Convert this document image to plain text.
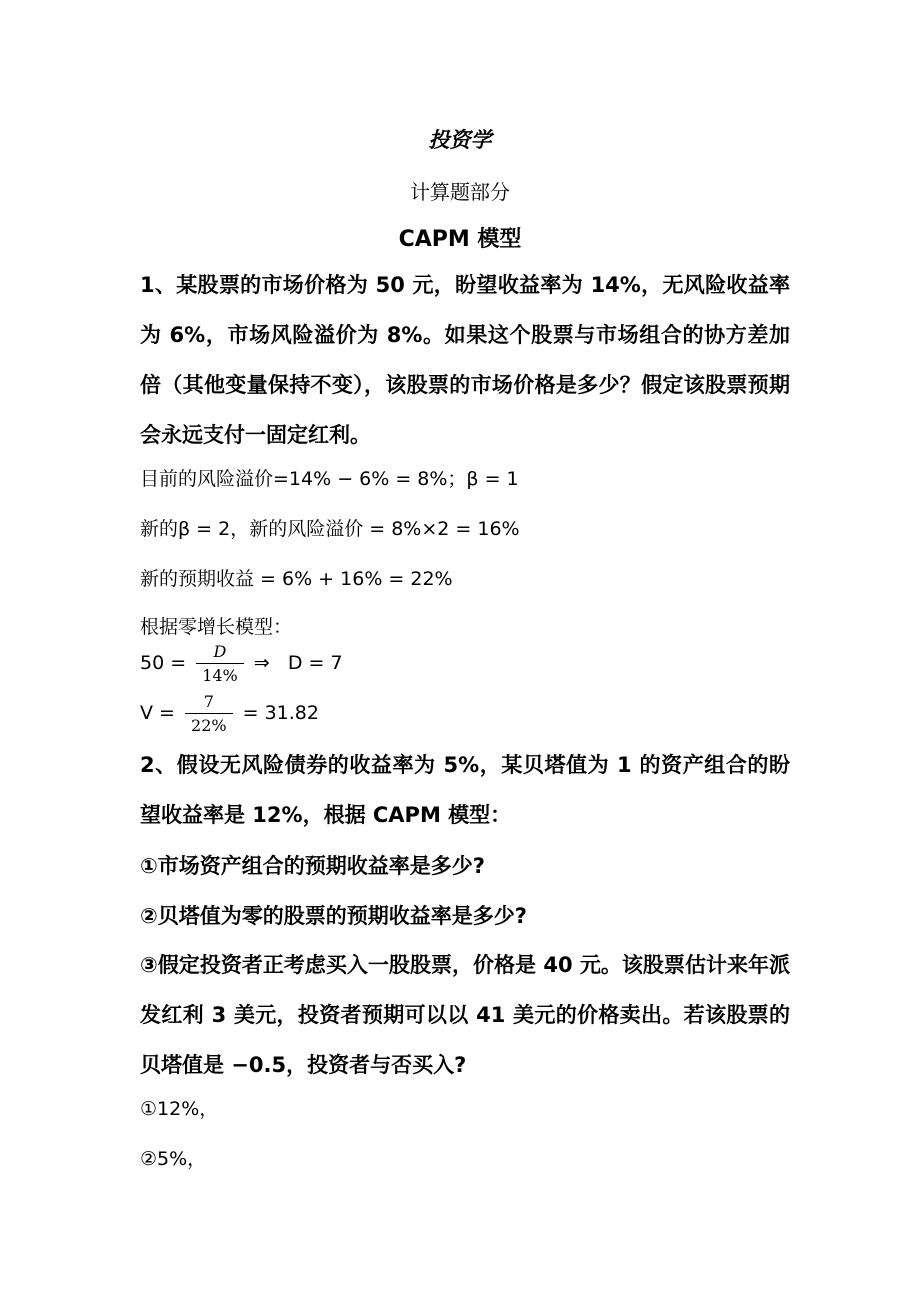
投资学
计算题部分
CAPM 模型

1、某股票的市场价格为 50 元，盼望收益率为 14%，无风险收益率为 6%，市场风险溢价为 8%。如果这个股票与市场组合的协方差加倍（其他变量保持不变），该股票的市场价格是多少？假定该股票预期会永远支付一固定红利。

目前的风险溢价=14% − 6% = 8%；β = 1
新的β = 2，新的风险溢价 = 8%×2 = 16%
新的预期收益 = 6% + 16% = 22%
根据零增长模型：
$50 = \frac{D}{14\%}$ ⇒   D = 7
$V = \frac{7}{22\%} = 31.82$

2、假设无风险债券的收益率为 5%，某贝塔值为 1 的资产组合的盼望收益率是 12%，根据 CAPM 模型：

①市场资产组合的预期收益率是多少?
②贝塔值为零的股票的预期收益率是多少?

③假定投资者正考虑买入一股股票，价格是 40 元。该股票估计来年派发红利 3 美元，投资者预期可以以 41 美元的价格卖出。若该股票的贝塔值是 −0.5，投资者与否买入?

①12%，
②5%，
